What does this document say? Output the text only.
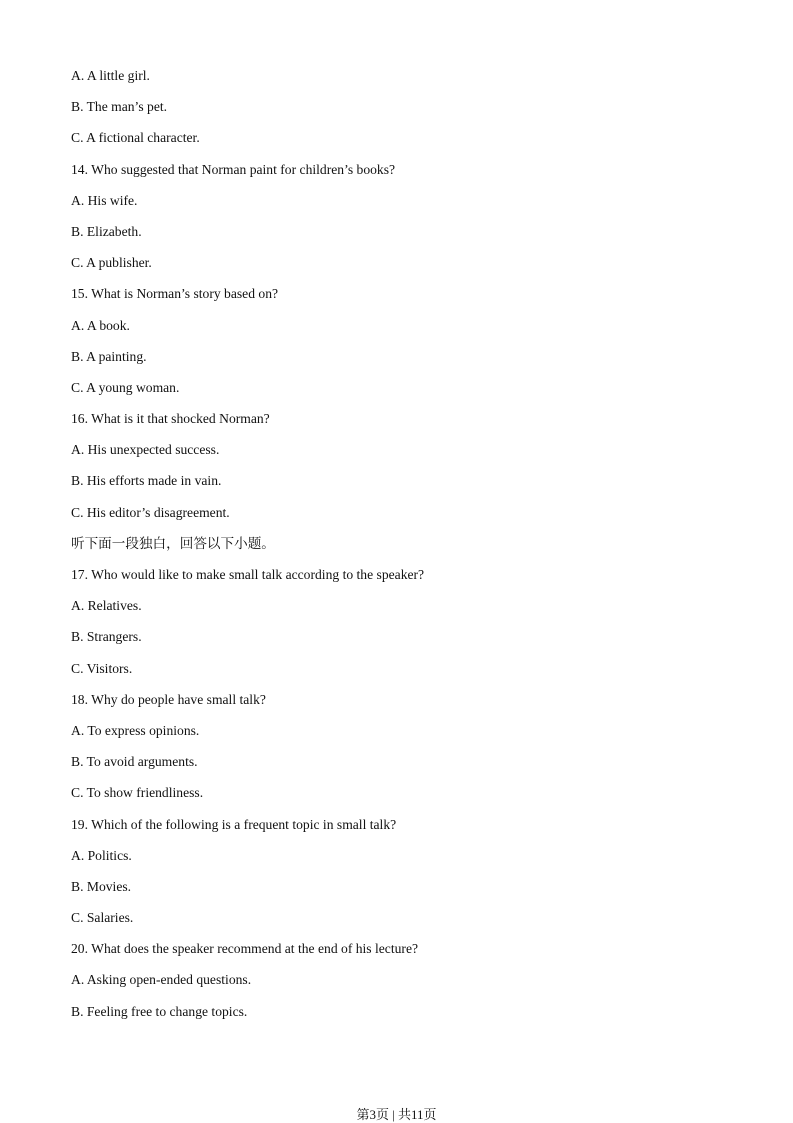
A. A little girl.
B. The man’s pet.
C. A fictional character.
14. Who suggested that Norman paint for children’s books?
A. His wife.
B. Elizabeth.
C. A publisher.
15. What is Norman’s story based on?
A. A book.
B. A painting.
C. A young woman.
16. What is it that shocked Norman?
A. His unexpected success.
B. His efforts made in vain.
C. His editor’s disagreement.
听下面一段独白，回答以下小题。
17. Who would like to make small talk according to the speaker?
A. Relatives.
B. Strangers.
C. Visitors.
18. Why do people have small talk?
A. To express opinions.
B. To avoid arguments.
C. To show friendliness.
19. Which of the following is a frequent topic in small talk?
A. Politics.
B. Movies.
C. Salaries.
20. What does the speaker recommend at the end of his lecture?
A. Asking open-ended questions.
B. Feeling free to change topics.
第3页 | 共11页
